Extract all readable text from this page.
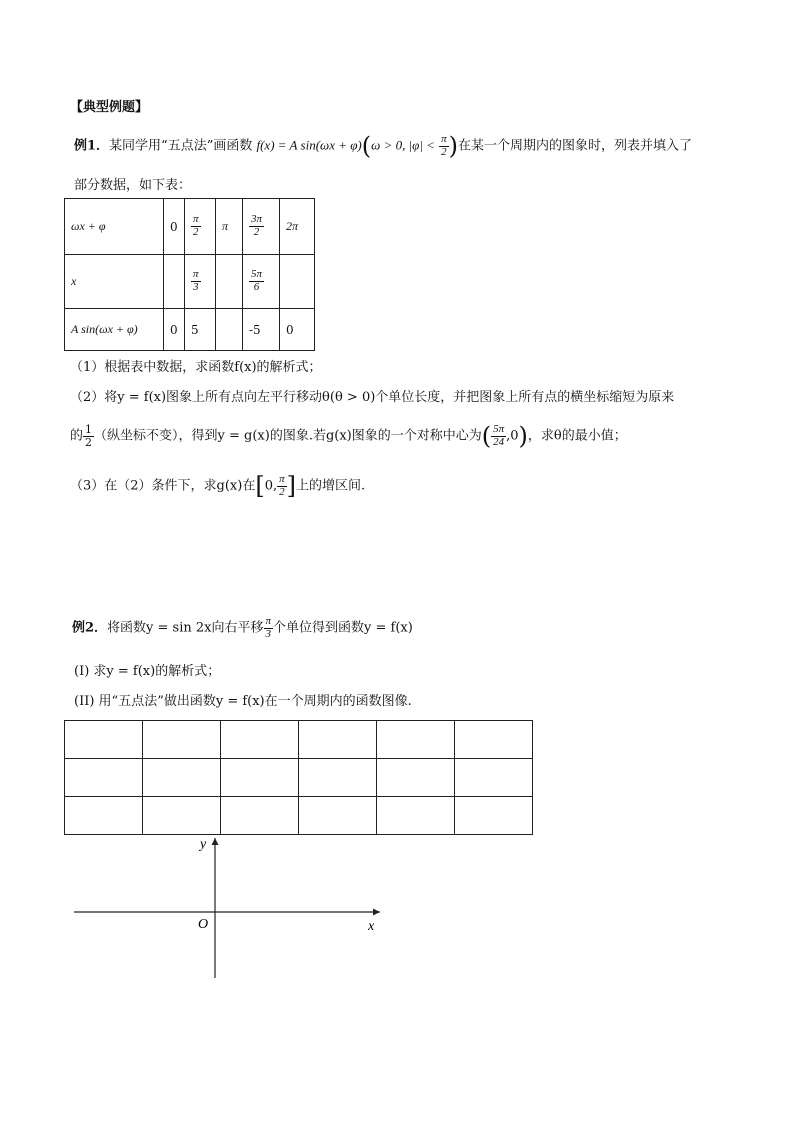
【典型例题】
例1．某同学用“五点法”画函数 f(x) = A sin(ωx + φ)(ω > 0, $|\varphi| < \frac{\pi}{2}$ )在某一个周期内的图象时，列表并填入了
部分数据，如下表：
ωx + φ	0	$\frac{\pi}{2}$	π	$\frac{3\pi}{2}$	2π
x		$\frac{\pi}{3}$		$\frac{5\pi}{6}$

A sin(ωx + φ)	0	5		-5	0
（1）根据表中数据，求函数f(x)的解析式；
（2）将y = f(x)图象上所有点向左平行移动θ(θ > 0)个单位长度，并把图象上所有点的横坐标缩短为原来
的 $\frac{1}{2}$ （纵坐标不变），得到y = g(x)的图象.若g(x)图象的一个对称中心为( $\frac{5\pi}{24} ,0$)，求θ的最小值；
（3）在（2）条件下，求g(x)在[0, $\frac{\pi}{2}$ ]上的增区间.
例2．将函数y = sin 2x向右平移 $\frac{\pi}{3}$ 个单位得到函数y = f(x)
(I) 求y = f(x)的解析式；
(II) 用“五点法”做出函数y = f(x)在一个周期内的函数图像.

y
x
O
